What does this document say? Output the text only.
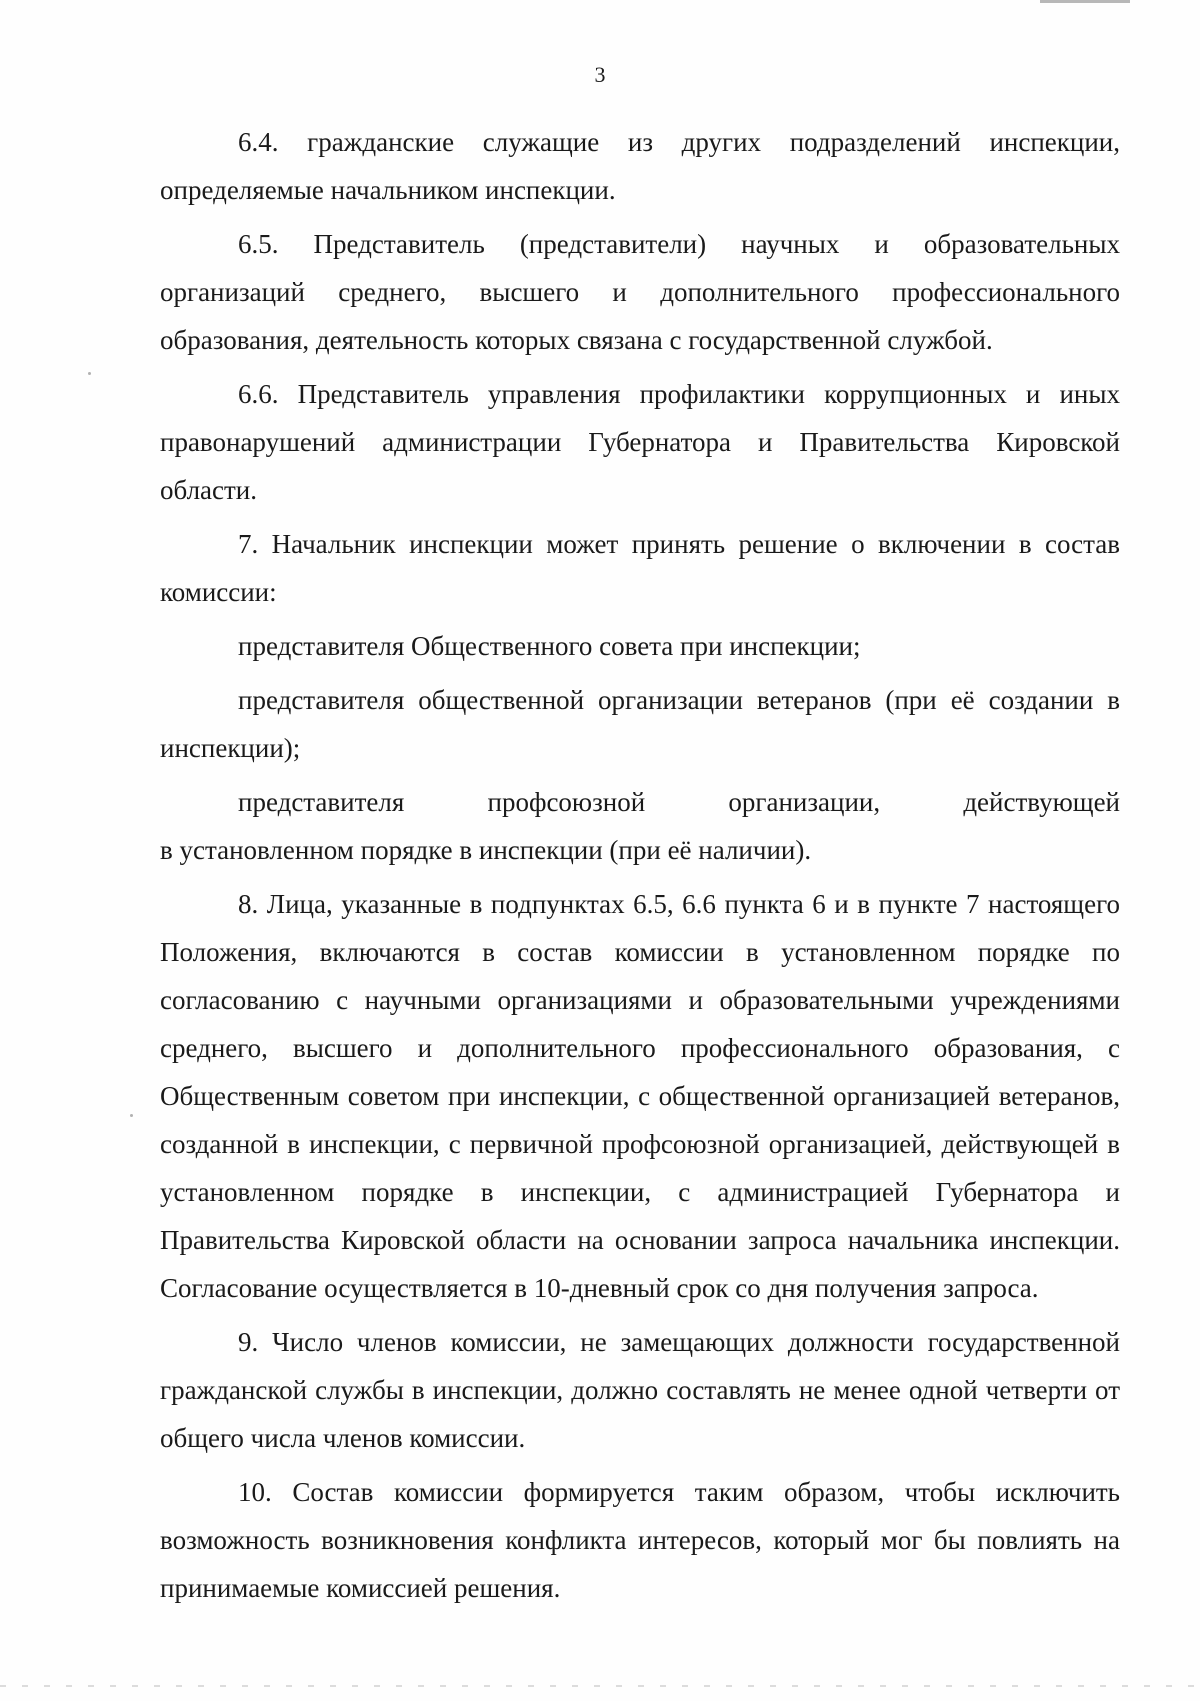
3

6.4. гражданские служащие из других подразделений инспекции,

определяемые начальником инспекции.

6.5. Представитель (представители) научных и образовательных организаций среднего, высшего и дополнительного профессионального образования, деятельность которых связана с государственной службой.

6.6. Представитель управления профилактики коррупционных и иных правонарушений администрации Губернатора и Правительства Кировской области.

7. Начальник инспекции может принять решение о включении в состав комиссии:

представителя Общественного совета при инспекции;

представителя общественной организации ветеранов (при её создании в инспекции);

представителя профсоюзной организации, действующей

в установленном порядке в инспекции (при её наличии).

8. Лица, указанные в подпунктах 6.5, 6.6 пункта 6 и в пункте 7 настоящего Положения, включаются в состав комиссии в установленном порядке по согласованию с научными организациями и образовательными учреждениями среднего, высшего и дополнительного профессионального образования, с Общественным советом при инспекции, с общественной организацией ветеранов, созданной в инспекции, с первичной профсоюзной организацией, действующей в установленном порядке в инспекции, с администрацией Губернатора и Правительства Кировской области на основании запроса начальника инспекции. Согласование осуществляется в 10-дневный срок со дня получения запроса.

9. Число членов комиссии, не замещающих должности государственной гражданской службы в инспекции, должно составлять не менее одной четверти от общего числа членов комиссии.

10. Состав комиссии формируется таким образом, чтобы исключить возможность возникновения конфликта интересов, который мог бы повлиять на принимаемые комиссией решения.
